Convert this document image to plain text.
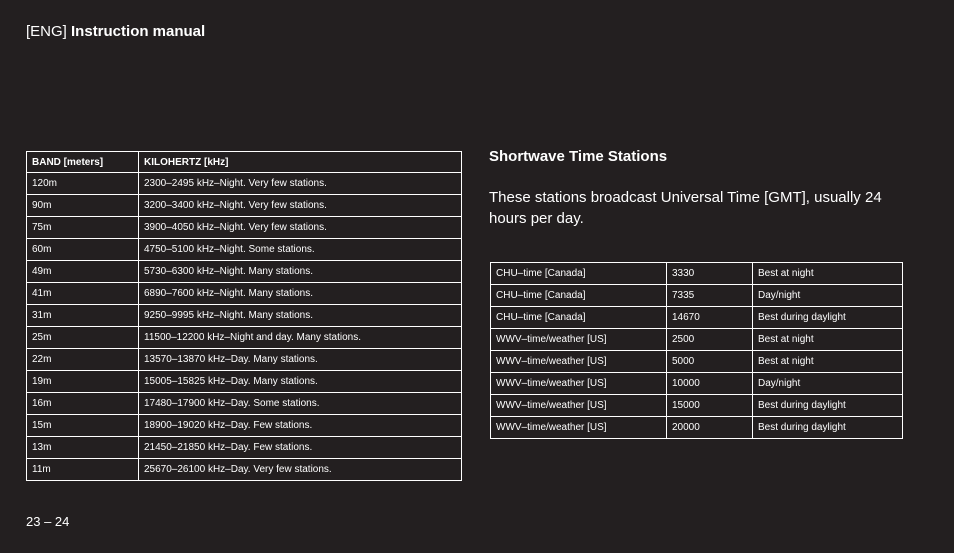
[ENG] Instruction manual
BAND [meters]	KILOHERTZ [kHz]
120m	2300–2495 kHz–Night. Very few stations.
90m	3200–3400 kHz–Night. Very few stations.
75m	3900–4050 kHz–Night. Very few stations.
60m	4750–5100 kHz–Night. Some stations.
49m	5730–6300 kHz–Night. Many stations.
41m	6890–7600 kHz–Night. Many stations.
31m	9250–9995 kHz–Night. Many stations.
25m	11500–12200 kHz–Night and day. Many stations.
22m	13570–13870 kHz–Day. Many stations.
19m	15005–15825 kHz–Day. Many stations.
16m	17480–17900 kHz–Day. Some stations.
15m	18900–19020 kHz–Day. Few stations.
13m	21450–21850 kHz–Day. Few stations.
11m	25670–26100 kHz–Day. Very few stations.
Shortwave Time Stations
These stations broadcast Universal Time [GMT], usually 24 hours per day.
CHU–time [Canada]	3330	Best at night
CHU–time [Canada]	7335	Day/night
CHU–time [Canada]	14670	Best during daylight
WWV–time/weather [US]	2500	Best at night
WWV–time/weather [US]	5000	Best at night
WWV–time/weather [US]	10000	Day/night
WWV–time/weather [US]	15000	Best during daylight
WWV–time/weather [US]	20000	Best during daylight
23 – 24
